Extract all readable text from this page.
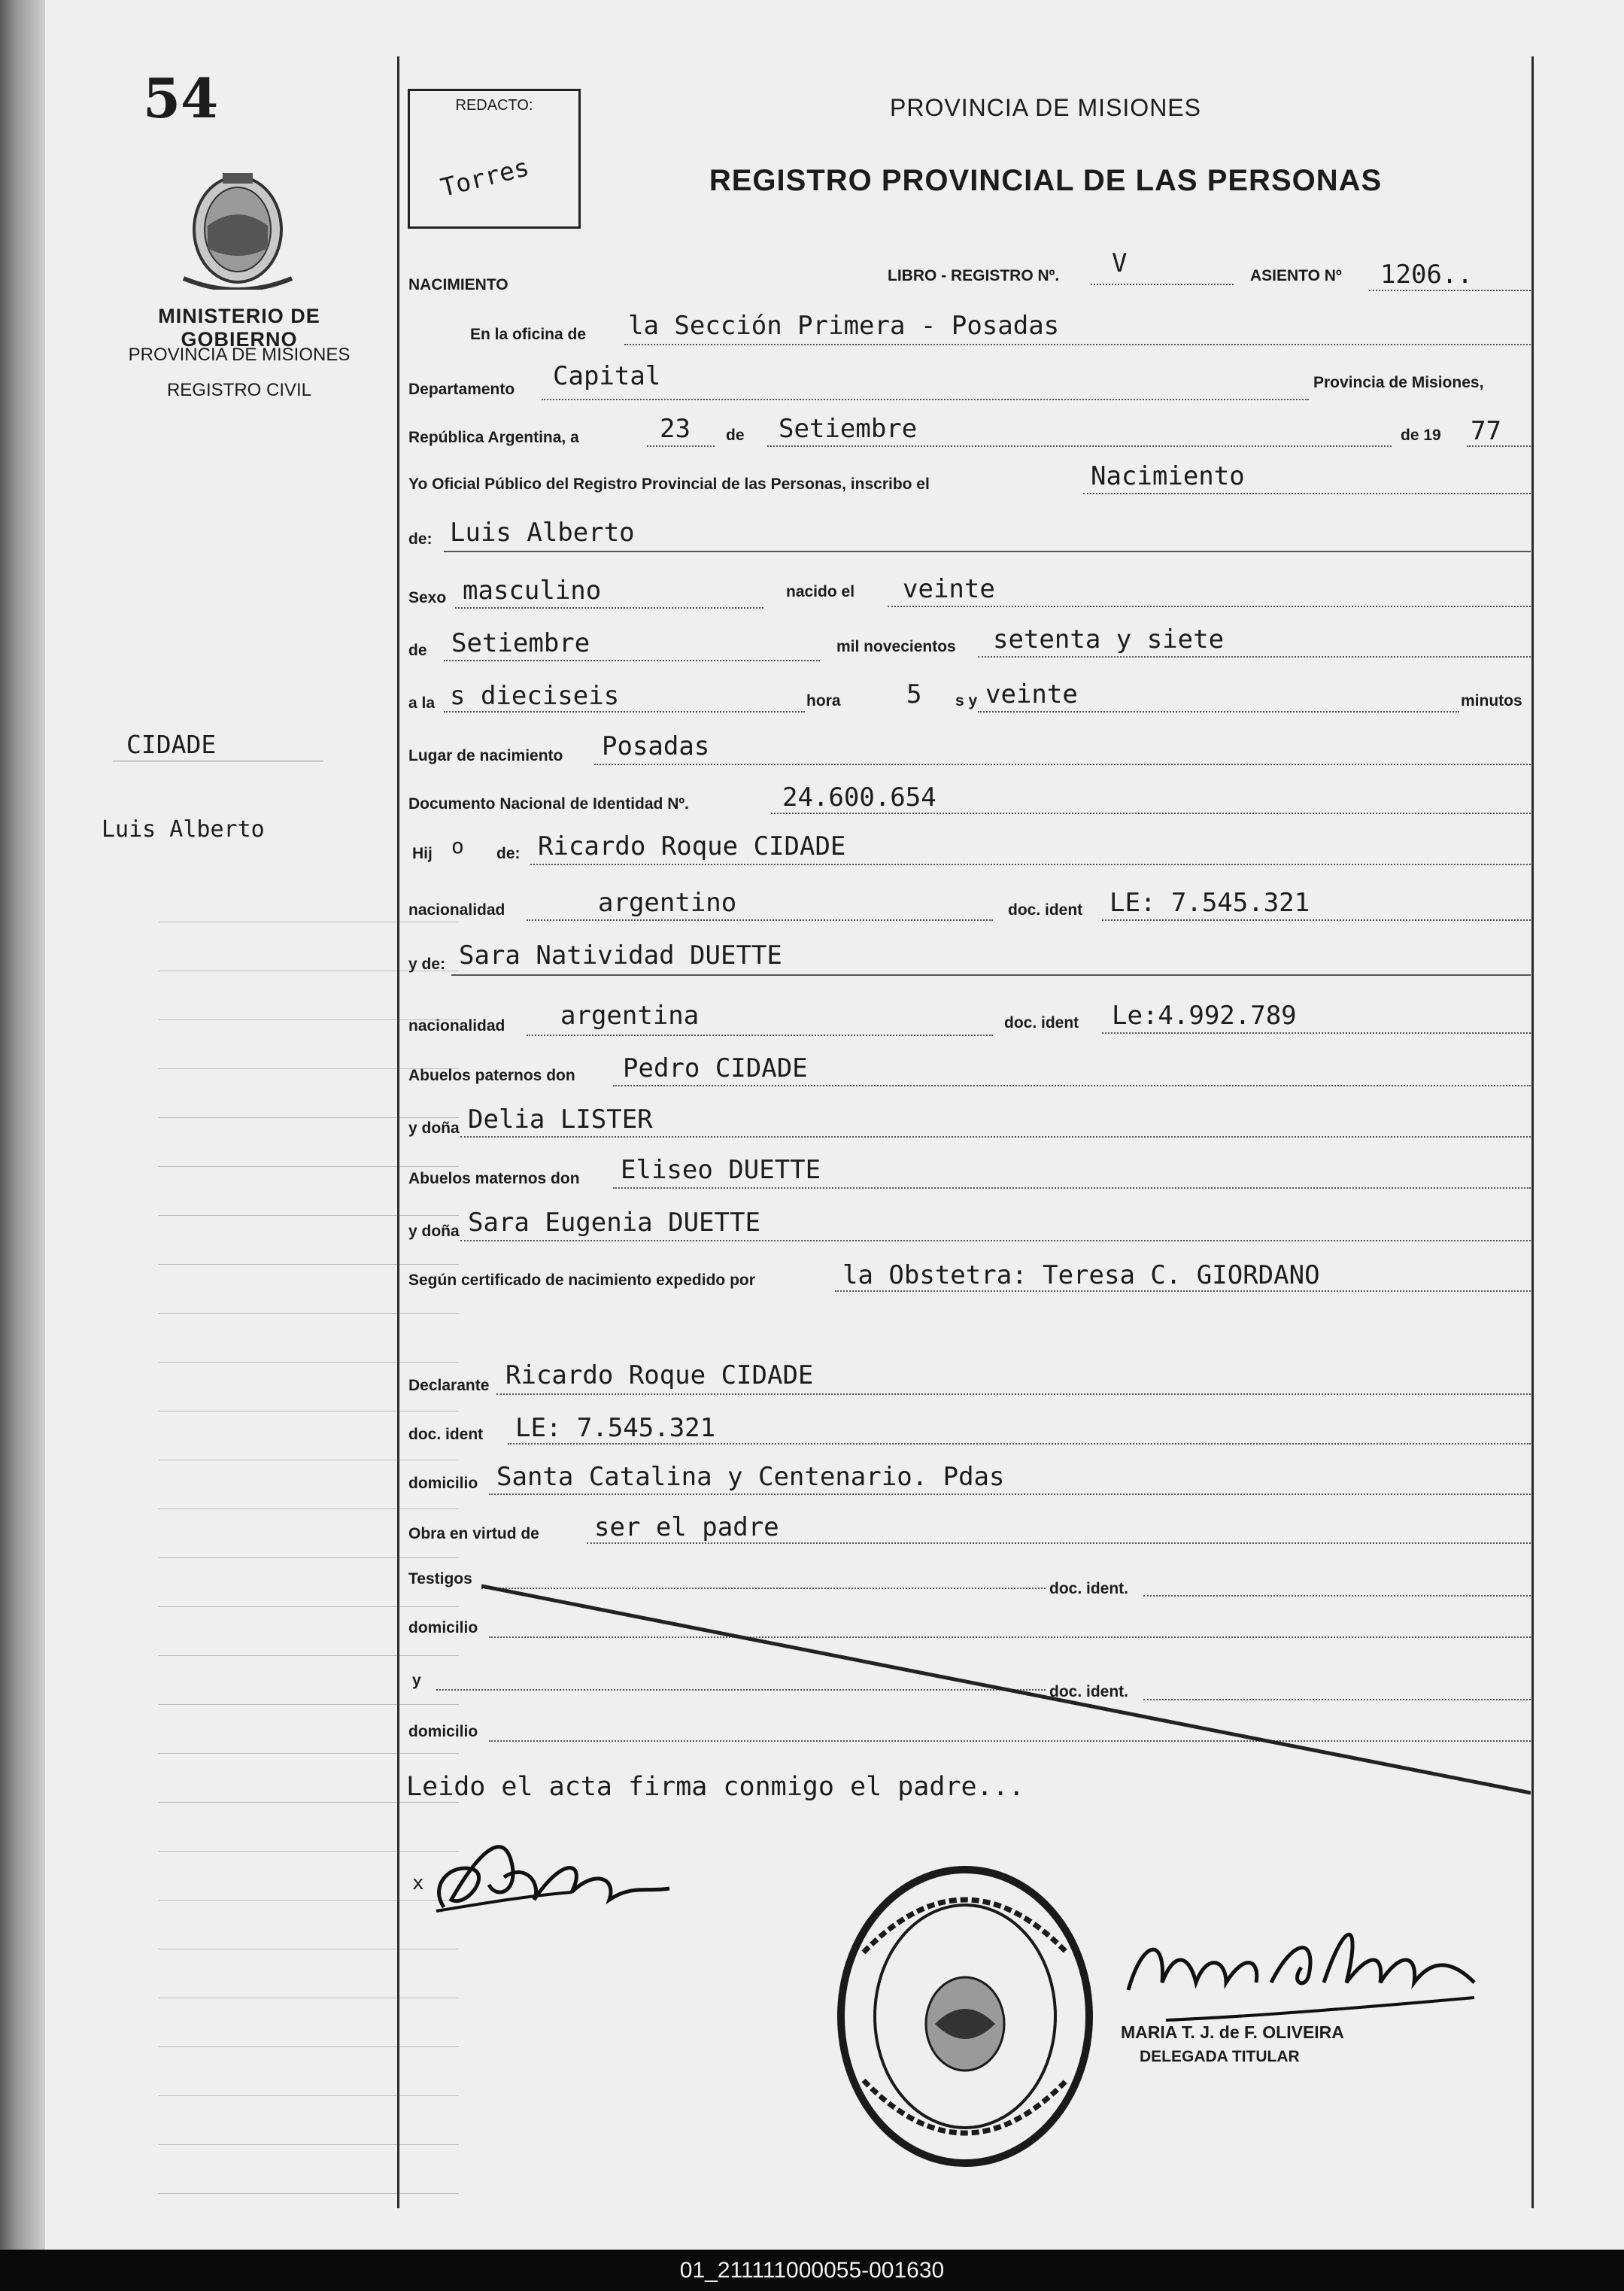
54
MINISTERIO DE GOBIERNO
PROVINCIA DE MISIONES
REGISTRO CIVIL
CIDADE
Luis Alberto
REDACTO:
Torres
PROVINCIA DE MISIONES
REGISTRO PROVINCIAL DE LAS PERSONAS
NACIMIENTO
LIBRO - REGISTRO Nº. V	ASIENTO Nº 1206..
En la oficina de la Sección Primera - Posadas
Departamento Capital	Provincia de Misiones,
República Argentina, a	23 de Setiembre	de 19 77
Yo Oficial Público del Registro Provincial de las Personas, inscribo el	Nacimiento
de: Luis Alberto
Sexo masculino	nacido el veinte
de Setiembre	mil novecientos setenta y siete
a la s dieciseis	hora	5 s y veinte	minutos
Lugar de nacimiento Posadas
Documento Nacional de Identidad Nº.	24.600.654
Hij o de: Ricardo Roque CIDADE
nacionalidad	argentino	doc. ident LE: 7.545.321
y de: Sara Natividad DUETTE
nacionalidad argentina	doc. ident Le:4.992.789
Abuelos paternos don Pedro CIDADE
y doña Delia LISTER
Abuelos maternos don Eliseo DUETTE
y doña Sara Eugenia DUETTE
Según certificado de nacimiento expedido por	la Obstetra: Teresa C. GIORDANO
Declarante Ricardo Roque CIDADE
doc. ident LE: 7.545.321
domicilio Santa Catalina y Centenario. Pdas
Obra en virtud de ser el padre
Testigos
doc. ident.
domicilio
y
doc. ident.
domicilio
Leido el acta firma conmigo el padre...
x
MARIA T. J. de F. OLIVEIRA
DELEGADA TITULAR
01_211111000055-001630
